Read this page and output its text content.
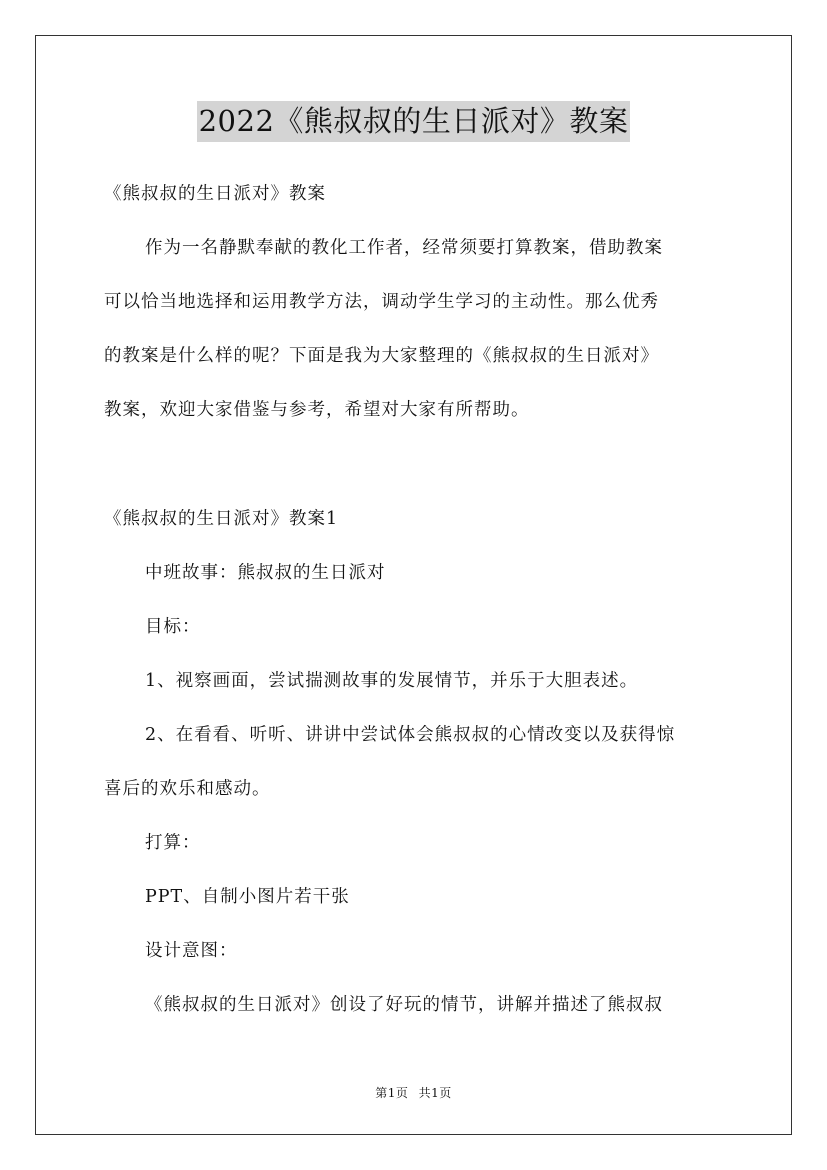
2022《熊叔叔的生日派对》教案
《熊叔叔的生日派对》教案
作为一名静默奉献的教化工作者，经常须要打算教案，借助教案
可以恰当地选择和运用教学方法，调动学生学习的主动性。那么优秀
的教案是什么样的呢？下面是我为大家整理的《熊叔叔的生日派对》
教案，欢迎大家借鉴与参考，希望对大家有所帮助。
《熊叔叔的生日派对》教案1
中班故事：熊叔叔的生日派对
目标：
1、视察画面，尝试揣测故事的发展情节，并乐于大胆表述。
2、在看看、听听、讲讲中尝试体会熊叔叔的心情改变以及获得惊
喜后的欢乐和感动。
打算：
PPT、自制小图片若干张
设计意图：
《熊叔叔的生日派对》创设了好玩的情节，讲解并描述了熊叔叔
第1页 共1页
